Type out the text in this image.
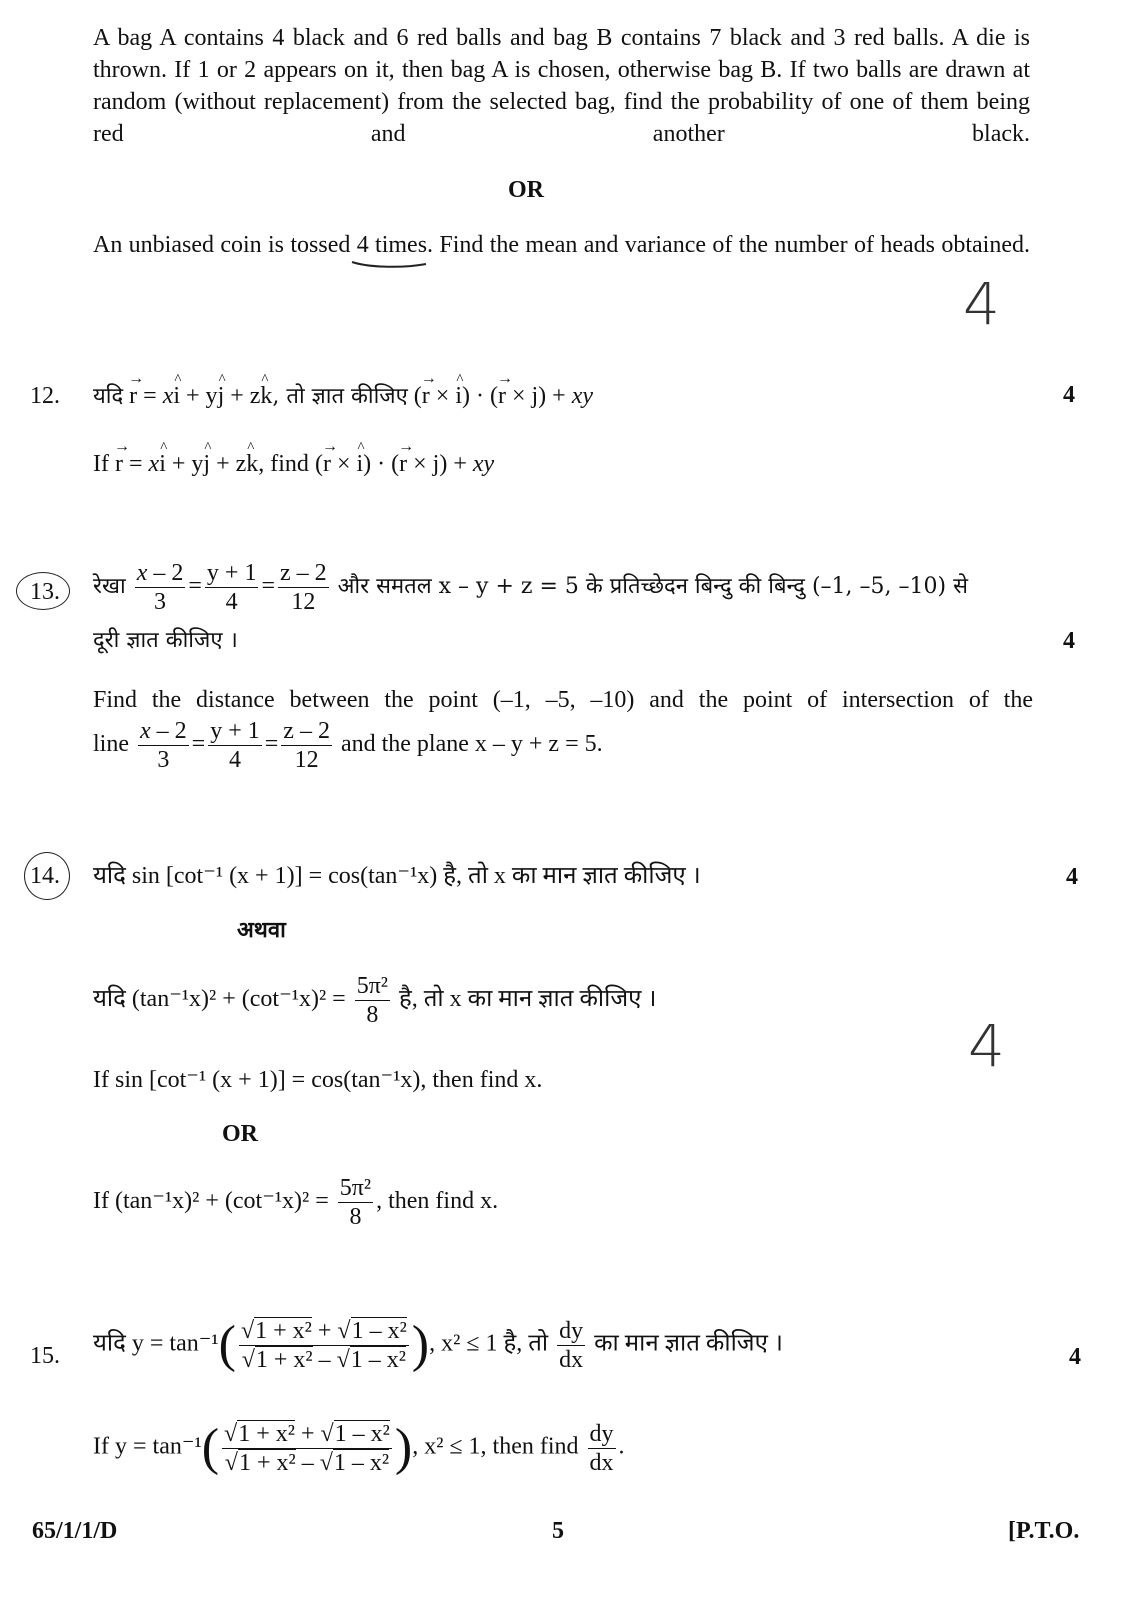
A bag A contains 4 black and 6 red balls and bag B contains 7 black and 3 red balls. A die is thrown. If 1 or 2 appears on it, then bag A is chosen, otherwise bag B. If two balls are drawn at random (without replacement) from the selected bag, find the probability of one of them being red and another black.
OR
An unbiased coin is tossed 4 times. Find the mean and variance of the number of heads obtained.
4
12. यदि → r = x^ i + y^ j + z^ k, तो ज्ञात कीजिए (→ r × ^ i) · (→ r × j) + xy	4
If → r = x^ i + y^ j + z^ k, find (→ r × ^ i) · (→ r × j) + xy
13. रेखा $\frac{x - 2}{3} = \frac{y + 1}{4} = \frac{z - 2}{12}$ और समतल x – y + z = 5 के प्रतिच्छेदन बिन्दु की बिन्दु (–1, –5, –10) से
दूरी ज्ञात कीजिए ।	4
Find the distance between the point (–1, –5, –10) and the point of intersection of the
line $\frac{x - 2}{3} = \frac{y + 1}{4} = \frac{z - 2}{12}$ and the plane x – y + z = 5.
14. यदि sin [cot⁻¹ (x + 1)] = cos(tan⁻¹x) है, तो x का मान ज्ञात कीजिए ।	4
अथवा
यदि $(\tan^{-1}x)^2 + (\cot^{-1}x)^2 = \frac{\text{5π²}}{8}$ है, तो x का मान ज्ञात कीजिए ।
4
If sin [cot⁻¹ (x + 1)] = cos(tan⁻¹x), then find x.
OR
If $(\tan^{-1}x)^2 + (\cot^{-1}x)^2 = \frac{\text{5π²}}{8}$ , then find x.
15. यदि $y = \tan^{-1}( \frac{\text{√1 + x² + √1 – x²}}{\text{√1 + x² – √1 – x²}}$ ), x² ≤ 1 है, तो $\frac{dy}{dx}$ का मान ज्ञात कीजिए ।
4
If $y = \tan^{-1}( \frac{\text{√1 + x² + √1 – x²}}{\text{√1 + x² – √1 – x²}}$ ), x² ≤ 1, then find $\frac{dy}{dx}$ .
65/1/1/D	5	[P.T.O.
